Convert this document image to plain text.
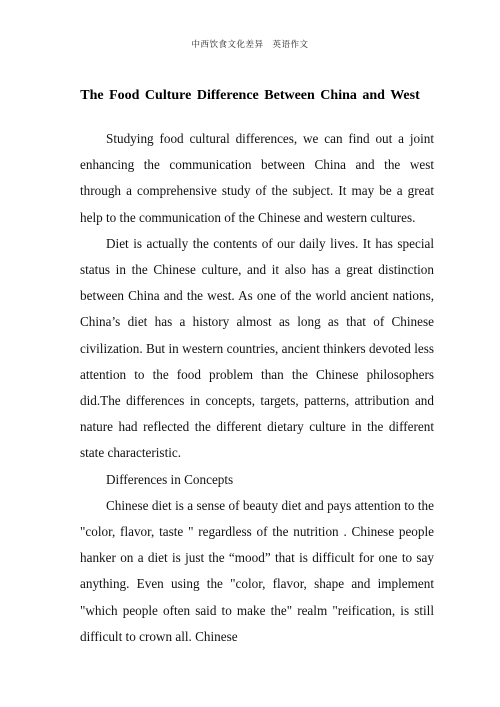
中西饮食文化差异　英语作文
The Food Culture Difference Between China and West

Studying food cultural differences, we can find out a joint enhancing the communication between China and the west through a comprehensive study of the subject. It may be a great help to the communication of the Chinese and western cultures.

Diet is actually the contents of our daily lives. It has special status in the Chinese culture, and it also has a great distinction between China and the west. As one of the world ancient nations, China’s diet has a history almost as long as that of Chinese civilization. But in western countries, ancient thinkers devoted less attention to the food problem than the Chinese philosophers did.The differences in concepts, targets, patterns, attribution and nature had reflected the different dietary culture in the different state characteristic.

Differences in Concepts

Chinese diet is a sense of beauty diet and pays attention to the "color, flavor, taste " regardless of the nutrition . Chinese people hanker on a diet is just the “mood” that is difficult for one to say anything. Even using the "color, flavor, shape and implement "which people often said to make the" realm "reification, is still difficult to crown all. Chinese
